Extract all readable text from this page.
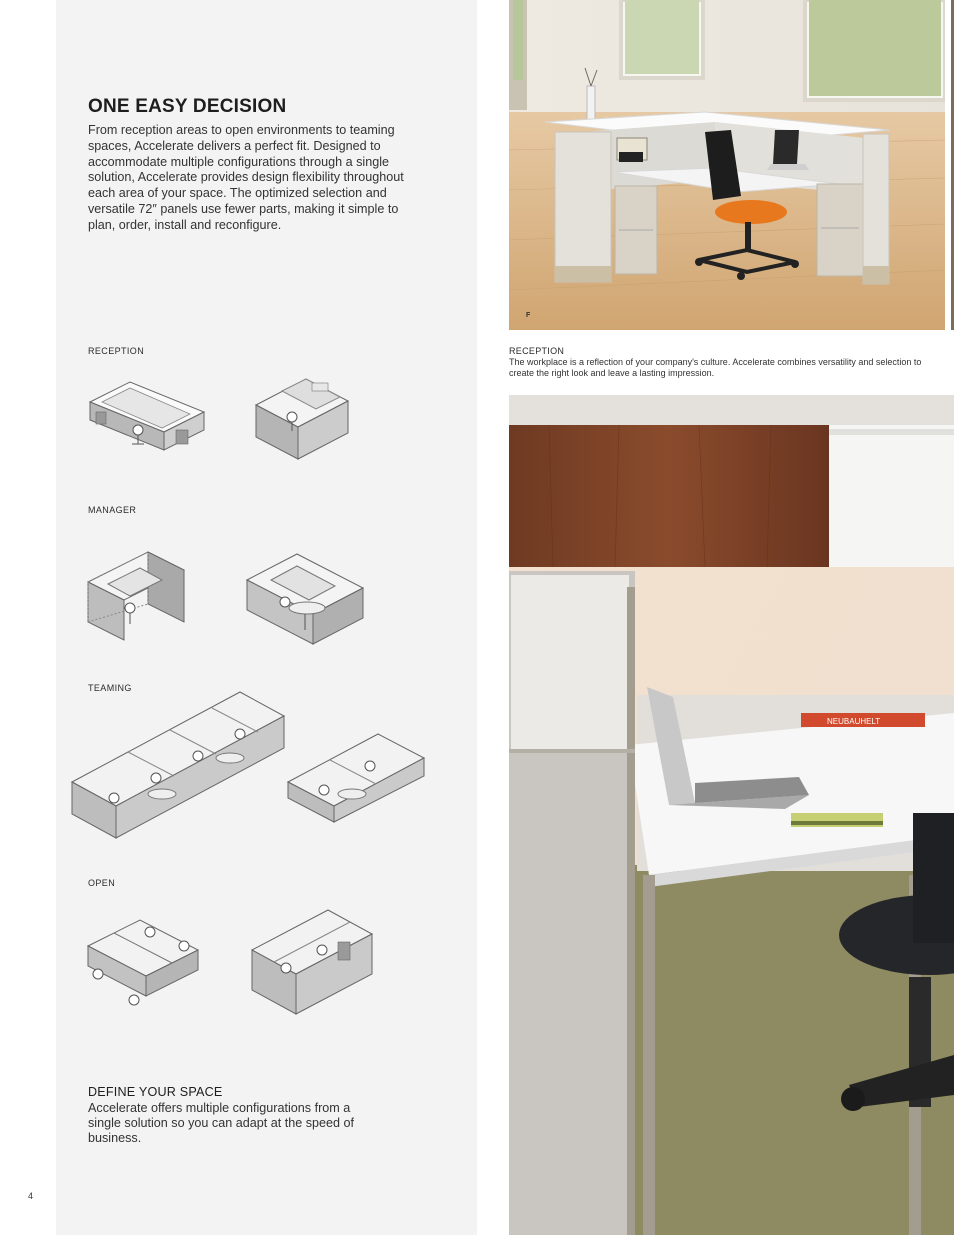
ONE EASY DECISION

From reception areas to open environments to teaming spaces, Accelerate delivers a perfect fit. Designed to accommodate multiple configurations through a single solution, Accelerate provides design flexibility throughout each area of your space. The optimized selection and versatile 72″ panels use fewer parts, making it simple to plan, order, install and reconfigure.

RECEPTION

MANAGER

TEAMING

OPEN

DEFINE YOUR SPACE

Accelerate offers multiple configurations from a single solution so you can adapt at the speed of business.

4
F

RECEPTION

The workplace is a reflection of your company's culture. Accelerate combines versatility and selection to create the right look and leave a lasting impression.

NEUBAUHELT
